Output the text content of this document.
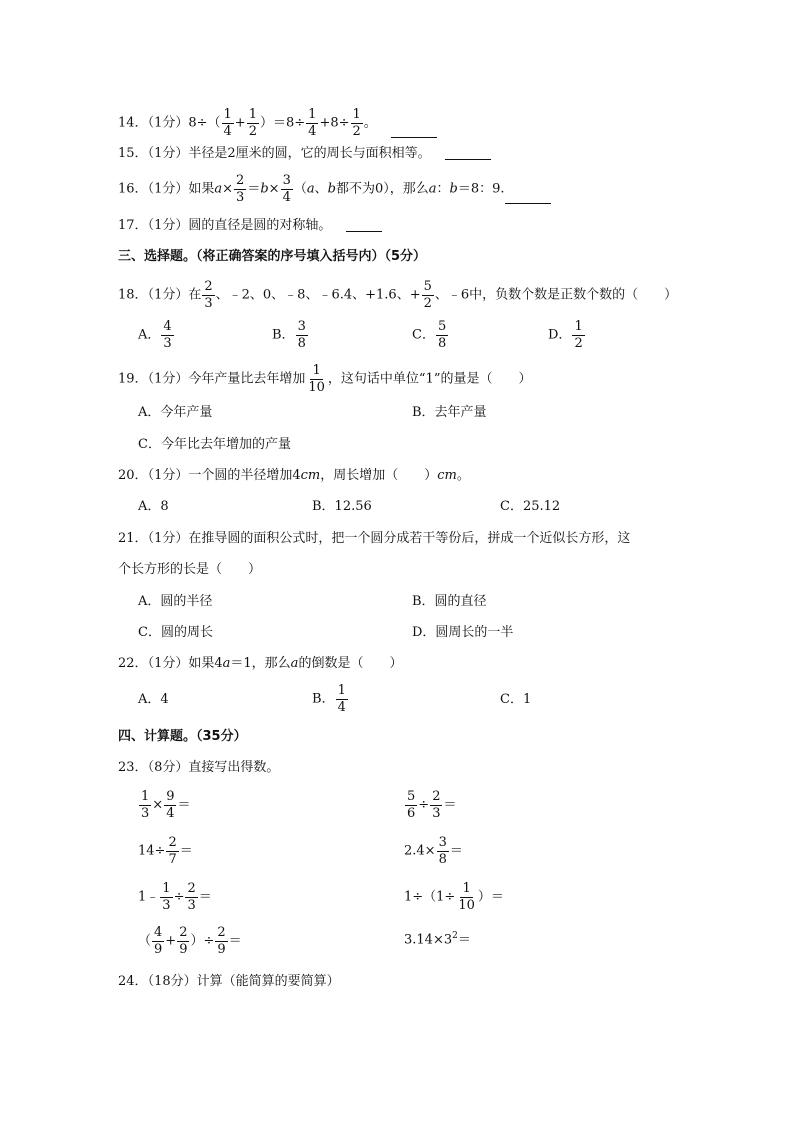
14．（1分）$8\div( \frac{1}{4} + \frac{1}{2} )=8\div \frac{1}{4} +8\div \frac{1}{2}$ 。
15．（1分）半径是2厘米的圆，它的周长与面积相等。
16．（1分）如果$a\times \frac{2}{3} =b\times \frac{3}{4} (a$、b都不为0），那么a：b＝8：9.
17．（1分）圆的直径是圆的对称轴。
三、选择题。（将正确答案的序号填入括号内）（5分）
18．（1分）在 $\frac{2}{3}$ 、﹣2、0、﹣8、﹣6.4、+1.6、+ $\frac{5}{2}$ 、﹣6中，负数个数是正数个数的（　　）
A． $\frac{4}{3}$	B． $\frac{3}{8}$	C． $\frac{5}{8}$	D． $\frac{1}{2}$
19．（1分）今年产量比去年增加 $\frac{1}{10}$ ，这句话中单位“1”的量是（　　）
A．今年产量	B．去年产量
C．今年比去年增加的产量
20．（1分）一个圆的半径增加4cm，周长增加（　　）cm。
A．8	B．12.56	C．25.12
21．（1分）在推导圆的面积公式时，把一个圆分成若干等份后，拼成一个近似长方形，这
个长方形的长是（　　）
A．圆的半径	B．圆的直径
C．圆的周长	D．圆周长的一半
22．（1分）如果4a＝1，那么a的倒数是（　　）
A．4	B． $\frac{1}{4}$	C．1
四、计算题。（35分）
23．（8分）直接写出得数。
$\frac{1}{3} \times \frac{9}{4}$ ＝	$\frac{5}{6} \div \frac{2}{3}$ ＝
$14\div \frac{2}{7}$ ＝	$2.4\times \frac{3}{8}$ ＝
1﹣ $\frac{1}{3} \div \frac{2}{3}$ ＝	$1\div(1\div \frac{1}{10}$ ）＝
（ $\frac{4}{9} + \frac{2}{9}$ ）÷ $\frac{2}{9}$ ＝	$3.14\times 3^2=$
24．（18分）计算（能简算的要简算）
